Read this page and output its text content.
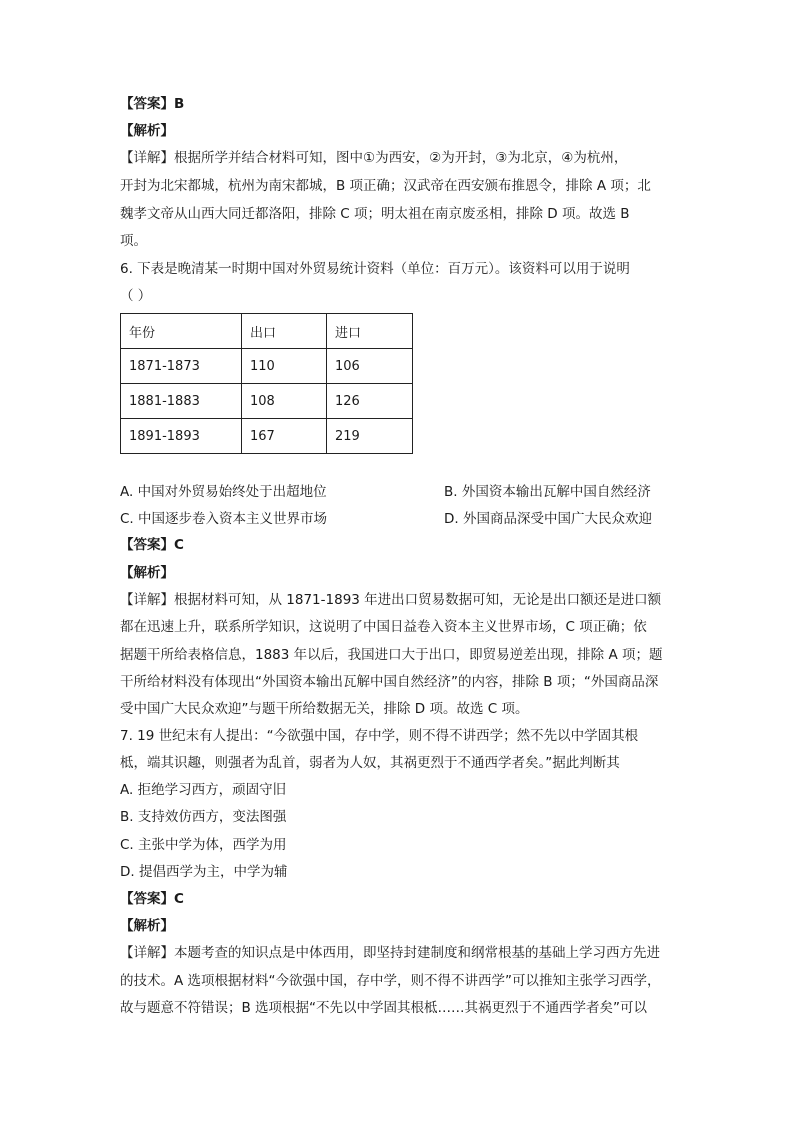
【答案】B
【解析】
【详解】根据所学并结合材料可知，图中①为西安，②为开封，③为北京，④为杭州，
开封为北宋都城，杭州为南宋都城，B 项正确；汉武帝在西安颁布推恩令，排除 A 项；北
魏孝文帝从山西大同迁都洛阳，排除 C 项；明太祖在南京废丞相，排除 D 项。故选 B
项。
6. 下表是晚清某一时期中国对外贸易统计资料（单位：百万元）。该资料可以用于说明
（ ）
年份	出口	进口
1871-1873	110	106
1881-1883	108	126
1891-1893	167	219
A. 中国对外贸易始终处于出超地位	B. 外国资本输出瓦解中国自然经济
C. 中国逐步卷入资本主义世界市场	D. 外国商品深受中国广大民众欢迎
【答案】C
【解析】
【详解】根据材料可知，从 1871-1893 年进出口贸易数据可知，无论是出口额还是进口额
都在迅速上升，联系所学知识，这说明了中国日益卷入资本主义世界市场，C 项正确；依
据题干所给表格信息，1883 年以后，我国进口大于出口，即贸易逆差出现，排除 A 项；题
干所给材料没有体现出“外国资本输出瓦解中国自然经济”的内容，排除 B 项；“外国商品深
受中国广大民众欢迎”与题干所给数据无关，排除 D 项。故选 C 项。
7. 19 世纪末有人提出：“今欲强中国，存中学，则不得不讲西学；然不先以中学固其根
柢，端其识趣，则强者为乱首，弱者为人奴，其祸更烈于不通西学者矣。”据此判断其
A. 拒绝学习西方，顽固守旧
B. 支持效仿西方，变法图强
C. 主张中学为体，西学为用
D. 提倡西学为主，中学为辅
【答案】C
【解析】
【详解】本题考查的知识点是中体西用，即坚持封建制度和纲常根基的基础上学习西方先进
的技术。A 选项根据材料“今欲强中国，存中学，则不得不讲西学”可以推知主张学习西学，
故与题意不符错误；B 选项根据“不先以中学固其根柢……其祸更烈于不通西学者矣”可以
